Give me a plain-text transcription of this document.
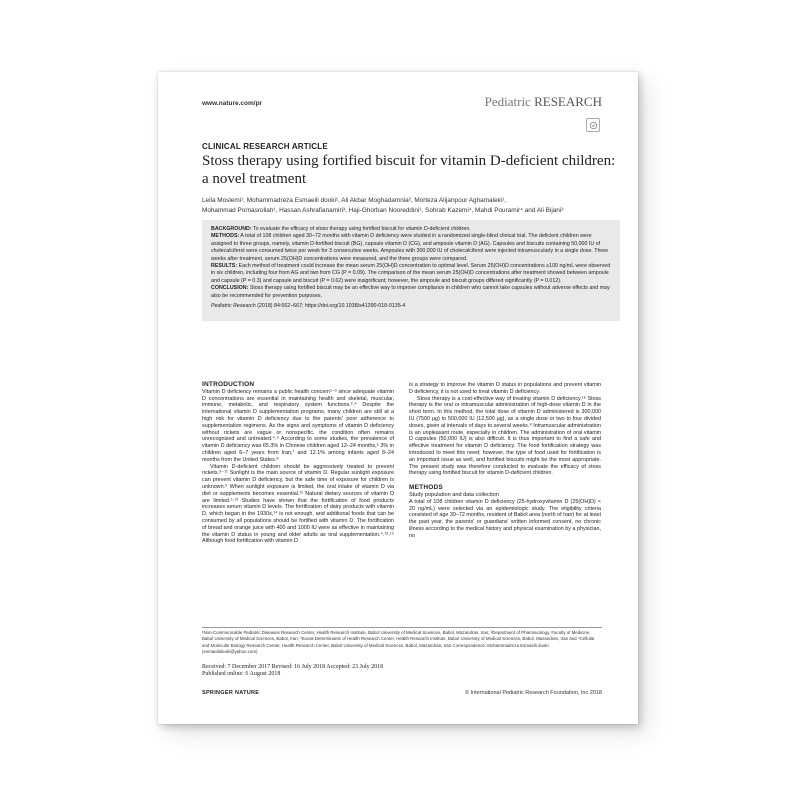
www.nature.com/pr	Pediatric RESEARCH
CLINICAL RESEARCH ARTICLE
Stoss therapy using fortified biscuit for vitamin D-deficient children: a novel treatment
Leila Moslemi¹, Mohammadreza Esmaeili dooki¹, Ali Akbar Moghadamnia², Morteza Alijanpour Aghamaleki¹,
Mohammad Pornasrollah¹, Hassan Ashrafianamiri³, Haji-Ghorban Nooreddini¹, Sohrab Kazemi⁴, Mahdi Pouramir⁴ and Ali Bijani³

BACKGROUND: To evaluate the efficacy of stoss therapy using fortified biscuit for vitamin D-deficient children.

METHODS: A total of 108 children aged 30–72 months with vitamin D deficiency were studied in a randomized single-blind clinical trial. The deficient children were assigned to three groups, namely, vitamin D-fortified biscuit (BG), capsule vitamin D (CG), and ampoule vitamin D (AG). Capsules and biscuits containing 50,000 IU of cholecalciferol were consumed twice per week for 3 consecutive weeks. Ampoules with 300,000 IU of cholecalciferol were injected intramuscularly in a single dose. Three weeks after treatment, serum 25(OH)D concentrations were measured, and the three groups were compared.

RESULTS: Each method of treatment could increase the mean serum 25(OH)D concentration to optimal level. Serum 25(OH)D concentrations ≥100 ng/mL were observed in six children, including four from AG and two from CG (P = 0.09). The comparison of the mean serum 25(OH)D concentrations after treatment showed between ampoule and capsule (P = 0.3) and capsule and biscuit (P = 0.62) were insignificant; however, the ampoule and biscuit groups differed significantly (P = 0.012).

CONCLUSION: Stoss therapy using fortified biscuit may be an effective way to improve compliance in children who cannot take capsules without adverse effects and may also be recommended for prevention purposes.

Pediatric Research (2018) 84:662–667; https://doi.org/10.1038/s41390-018-0135-4

INTRODUCTION

Vitamin D deficiency remains a public health concern¹⁻³ since adequate vitamin D concentrations are essential in maintaining health and skeletal, muscular, immune, metabolic, and respiratory system functions.²˒⁴ Despite the international vitamin D supplementation programs, many children are still at a high risk for vitamin D deficiency due to the parents' poor adherence to supplementation regimens. As the signs and symptoms of vitamin D deficiency without rickets are vague or nonspecific, the condition often remains unrecognized and untreated.⁴˒⁵ According to some studies, the prevalence of vitamin D deficiency was 65.3% in Chinese children aged 12–24 months,⁶ 3% in children aged 6–7 years from Iran,⁷ and 12.1% among infants aged 8–24 months from the United States.⁸

Vitamin D-deficient children should be aggressively treated to prevent rickets.⁹⁻¹¹ Sunlight is the main source of vitamin D. Regular sunlight exposure can prevent vitamin D deficiency, but the safe time of exposure for children is unknown.⁹ When sunlight exposure is limited, the oral intake of vitamin D via diet or supplements becomes essential.¹² Natural dietary sources of vitamin D are limited.⁵˒¹³ Studies have shown that the fortification of food products increases serum vitamin D levels. The fortification of dairy products with vitamin D, which began in the 1930s,¹⁴ is not enough, and additional foods that can be consumed by all populations should be fortified with vitamin D. The fortification of bread and orange juice with 400 and 1000 IU were as effective in maintaining the vitamin D status in young and older adults as oral supplementation.⁴˒¹²˒¹⁵ Although food fortification with vitamin D

is a strategy to improve the vitamin D status in populations and prevent vitamin D deficiency, it is not used to treat vitamin D deficiency.

Stoss therapy is a cost-effective way of treating vitamin D deficiency.¹⁶ Stoss therapy is the oral or intramuscular administration of high-dose vitamin D in the short term. In this method, the total dose of vitamin D administered is 300,000 IU (7500 μg) to 500,000 IU (12,500 μg), as a single dose or two to four divided doses, given at intervals of days to several weeks.⁹ Intramuscular administration is an unpleasant route, especially in children. The administration of oral vitamin D capsules (50,000 IU) is also difficult. It is thus important to find a safe and effective treatment for vitamin D deficiency. The food fortification strategy was introduced to meet this need; however, the type of food used for fortification is an important issue as well, and fortified biscuits might be the most appropriate. The present study was therefore conducted to evaluate the efficacy of stoss therapy using fortified biscuit for vitamin D-deficient children.

METHODS
Study population and data collection

A total of 108 children vitamin D deficiency (25-hydroxyvitamin D (25(OH)D) < 20 ng/mL) were selected via an epidemiologic study. The eligibility criteria consisted of age 30–72 months, resident of Babol area (north of Iran) for at least the past year, the parents' or guardians' written informed consent, no chronic illness according to the medical history and physical examination by a physician, no

¹Non-Communicable Pediatric Diseases Research Center, Health Research Institute, Babol University of Medical Sciences, Babol, Mazandran, Iran; ²Department of Pharmacology, Faculty of Medicine, Babol University of Medical Sciences, Babol, Iran; ³Social Determinants of Health Research Center, Health Research Institute, Babol University of Medical Sciences, Babol, Mazandran, Iran and ⁴Cellular and Molecular Biology Research Center, Health Research Center, Babol University of Medical Sciences, Babol, Mazandran, Iran Correspondence: Mohammadreza Esmaeili dooki (esmaeilidooki@yahoo.com)
Received: 7 December 2017 Revised: 16 July 2018 Accepted: 23 July 2018
Published online: 6 August 2018
SPRINGER NATURE	© International Pediatric Research Foundation, Inc 2018
